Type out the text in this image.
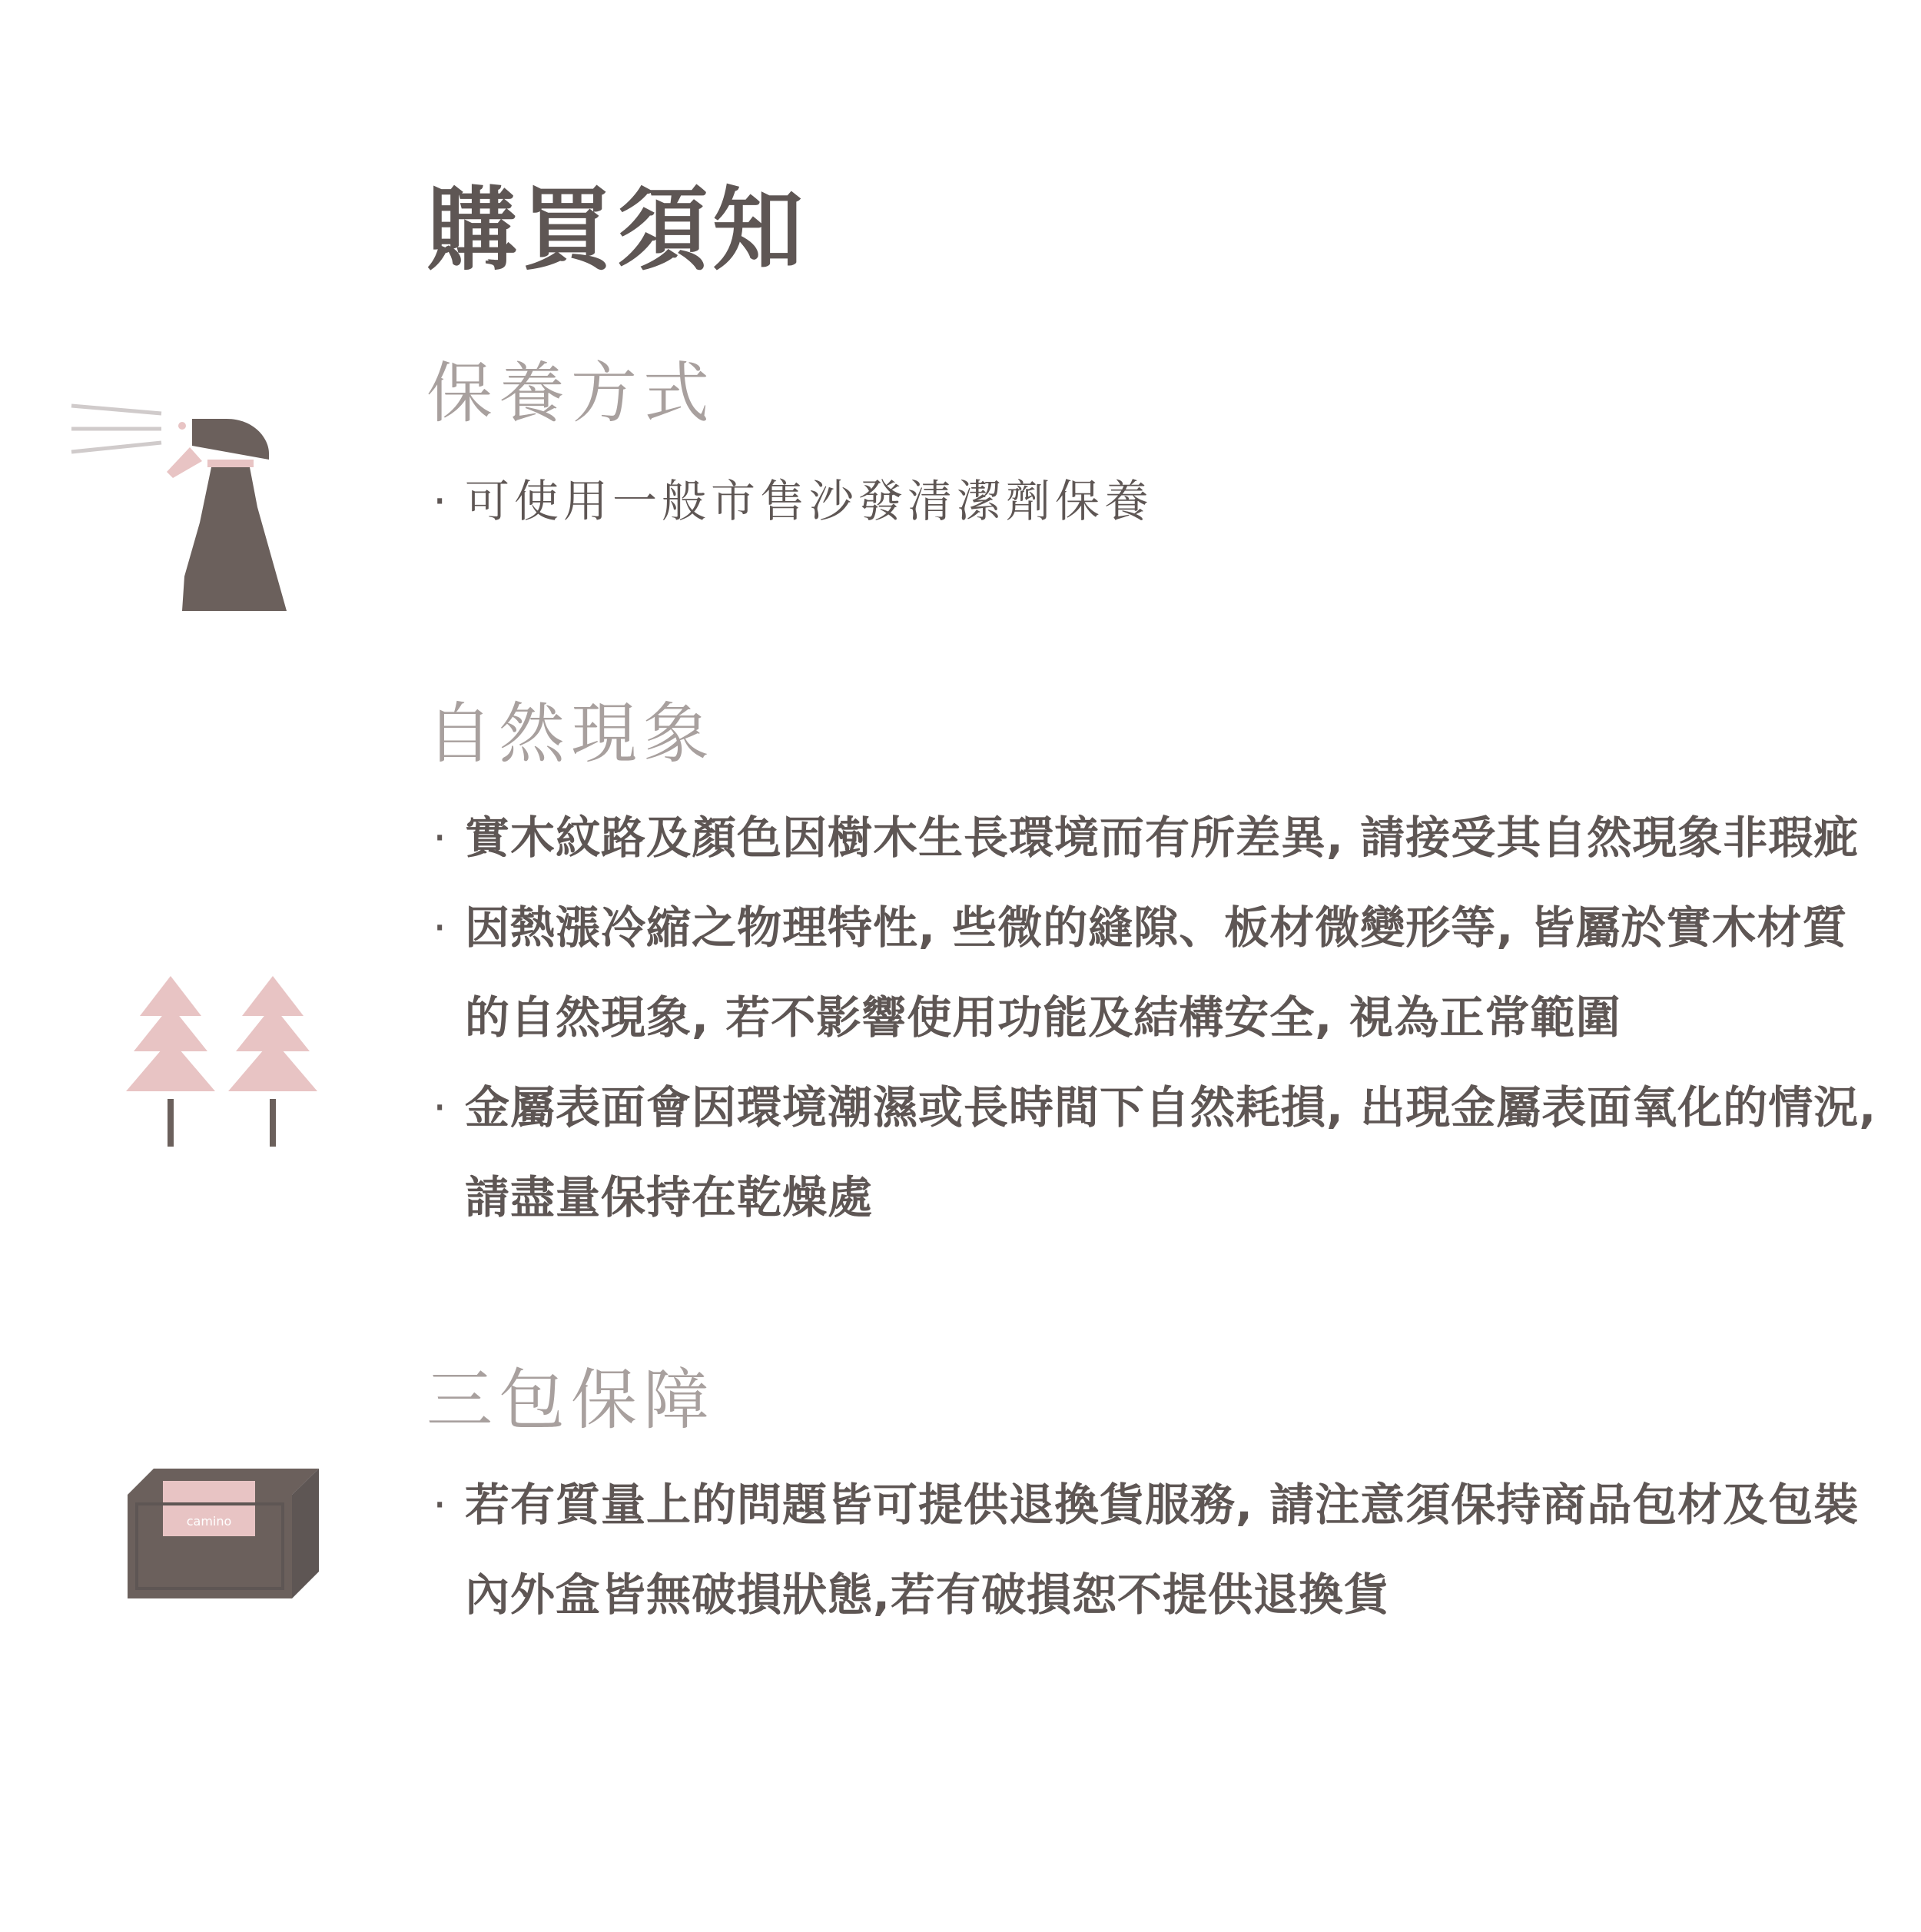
購買須知
保養方式
· 可使用一般市售沙發清潔劑保養
自然現象
· 實木紋路及顏色因樹木生長環境而有所差異, 請接受其自然現象非瑕疵
· 因熱漲冷縮之物理特性, 些微的縫隙、板材微變形等, 皆屬於實木材質的自然現象, 若不影響使用功能及結構安全, 視為正常範圍
· 金屬表面會因環境潮濕或長時間下自然耗損, 出現金屬表面氧化的情況, 請盡量保持在乾燥處
camino
三包保障
· 若有質量上的問題皆可提供退換貨服務, 請注意須保持商品包材及包裝內外盒皆無破損狀態,若有破損恕不提供退換貨
